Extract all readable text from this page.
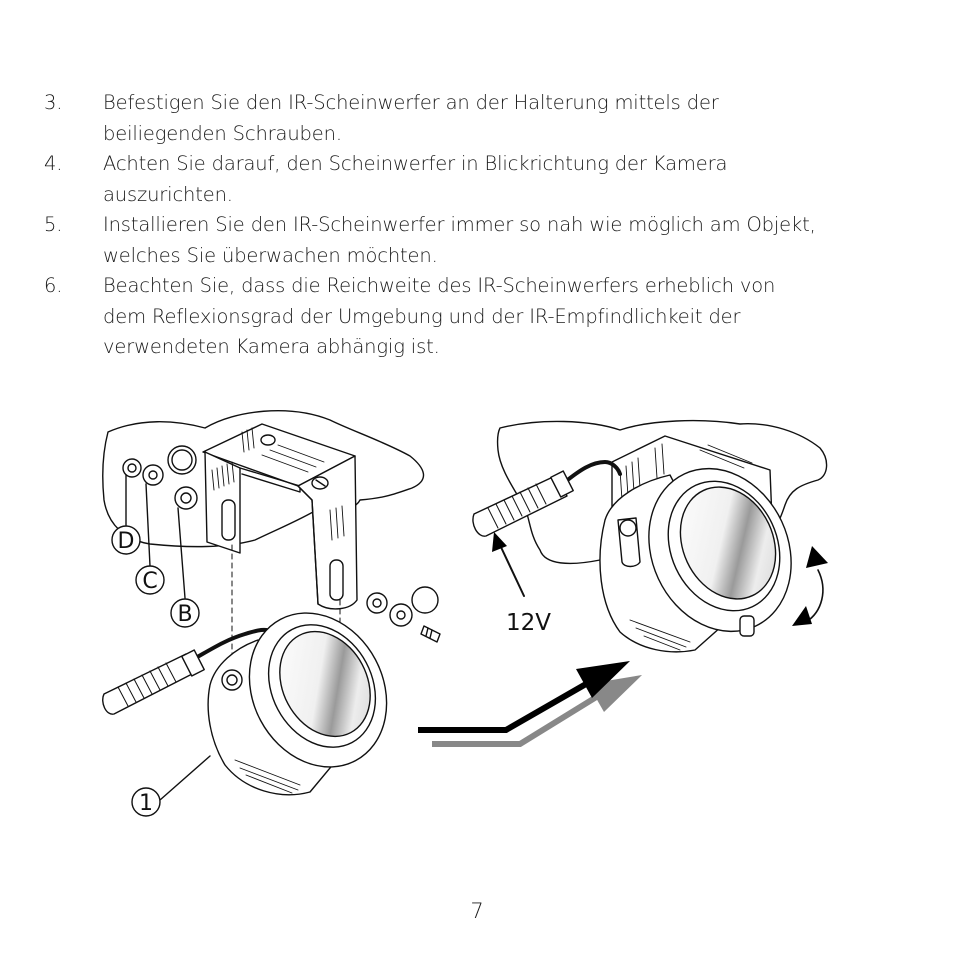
3.	Befestigen Sie den IR-Scheinwerfer an der Halterung mittels der
beiliegenden Schrauben.
4.	Achten Sie darauf, den Scheinwerfer in Blickrichtung der Kamera
auszurichten.
5.	Installieren Sie den IR-Scheinwerfer immer so nah wie möglich am Objekt,
welches Sie überwachen möchten.
6.	Beachten Sie, dass die Reichweite des IR-Scheinwerfers erheblich von
dem Reflexionsgrad der Umgebung und der IR-Empfindlichkeit der
verwendeten Kamera abhängig ist.
D
C
B
1
12V
7
